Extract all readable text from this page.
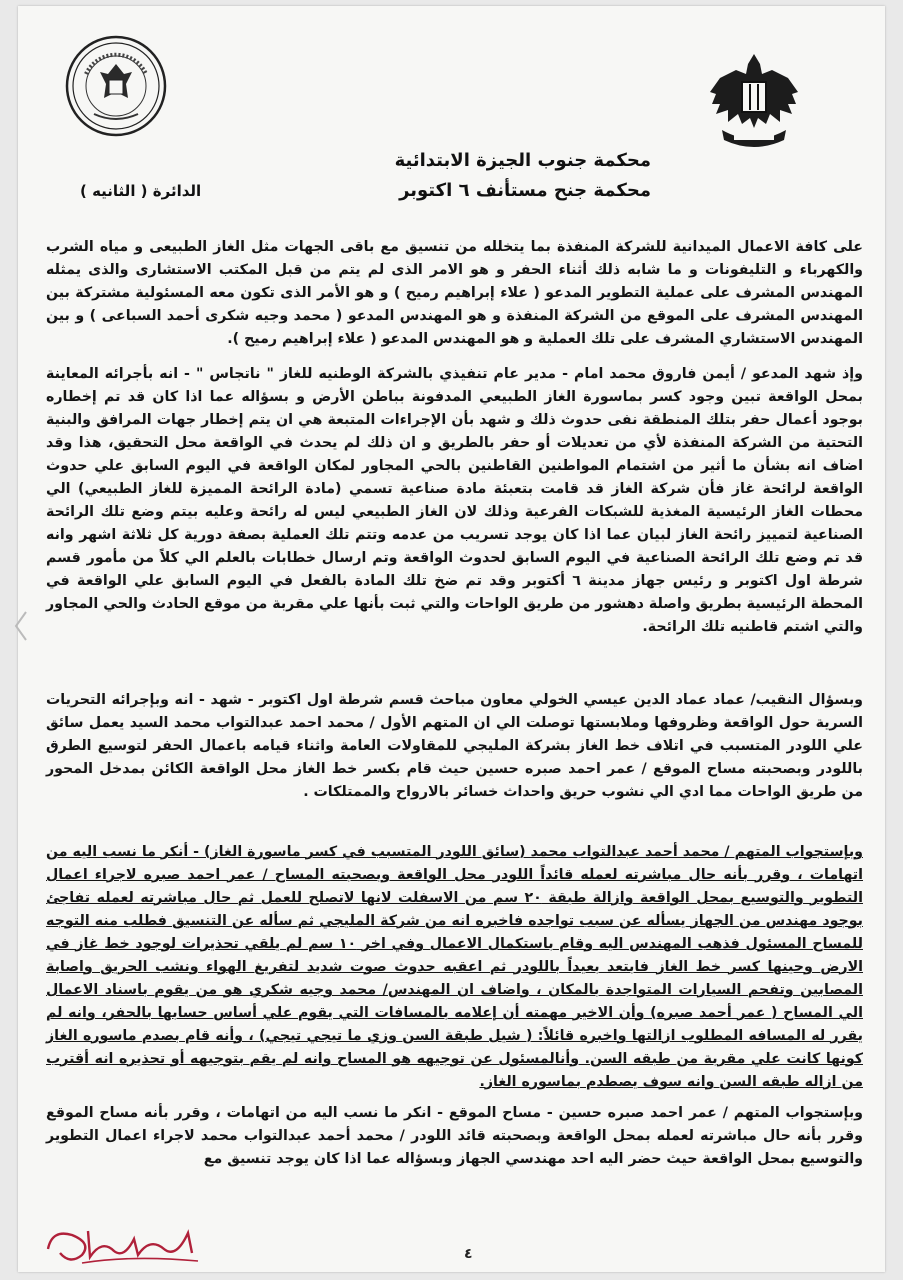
محكمة جنوب الجيزة الابتدائية
محكمة جنح مستأنف ٦ اكتوبر
الدائرة ( الثانيه )
على كافة الاعمال الميدانية للشركة المنفذة بما يتخلله من تنسيق مع باقى الجهات مثل الغاز الطبيعى و مياه الشرب والكهرباء و التليفونات و ما شابه ذلك أثناء الحفر و هو الامر الذى لم يتم من قبل المكتب الاستشارى والذى يمثله المهندس المشرف على عملية التطوير المدعو ( علاء إبراهيم رميح ) و هو الأمر الذى تكون معه المسئولية مشتركة بين المهندس المشرف على الموقع من الشركة المنفذة و هو المهندس المدعو ( محمد وجيه شكرى أحمد السباعى ) و بين المهندس الاستشاري المشرف على تلك العملية و هو المهندس المدعو ( علاء إبراهيم رميح ).
وإذ شهد المدعو / أيمن فاروق محمد امام - مدير عام تنفيذي بالشركة الوطنيه للغاز " ناتجاس " - انه بأجرائه المعاينة بمحل الواقعة تبين وجود كسر بماسورة الغاز الطبيعي المدفونة بباطن الأرض و بسؤاله عما اذا كان قد تم إخطاره بوجود أعمال حفر بتلك المنطقة نفى حدوث ذلك و شهد بأن الإجراءات المتبعة هي ان يتم إخطار جهات المرافق والبنية التحتية من الشركة المنفذة لأي من تعديلات أو حفر بالطريق و ان ذلك لم يحدث في الواقعة محل التحقيق، هذا وقد اضاف انه بشأن ما أثير من اشتمام المواطنين القاطنين بالحي المجاور لمكان الواقعة في اليوم السابق علي حدوث الواقعة لرائحة غاز فأن شركة الغاز قد قامت بتعبئة مادة صناعية تسمي (مادة الرائحة المميزة للغاز الطبيعي) الي محطات الغاز الرئيسية المغذية للشبكات الفرعية وذلك لان الغاز الطبيعي ليس له رائحة وعليه بيتم وضع تلك الرائحة الصناعية لتمييز رائحة الغاز لبيان عما اذا كان يوجد تسريب من عدمه وتتم تلك العملية بصفة دورية كل ثلاثة اشهر وانه قد تم وضع تلك الرائحة الصناعية في اليوم السابق لحدوث الواقعة وتم ارسال خطابات بالعلم الي كلاً من مأمور قسم شرطة اول اكتوبر و رئيس جهاز مدينة ٦ أكتوبر وقد تم ضخ تلك المادة بالفعل في اليوم السابق علي الواقعة في المحطة الرئيسية بطريق واصلة دهشور من طريق الواحات والتي ثبت بأنها علي مقربة من موقع الحادث والحي المجاور والتي اشتم قاطنيه تلك الرائحة.
وبسؤال النقيب/ عماد عماد الدين عيسي الخولي معاون مباحث قسم شرطة اول اكتوبر - شهد - انه وبإجرائه التحريات السرية حول الواقعة وظروفها وملابستها توصلت الي ان المتهم الأول / محمد احمد عبدالتواب محمد السيد يعمل سائق علي اللودر المتسبب في اتلاف خط الغاز بشركة المليجي للمقاولات العامة واثناء قيامه باعمال الحفر لتوسيع الطرق باللودر وبصحبته مساح الموقع / عمر احمد صبره حسين حيث قام بكسر خط الغاز محل الواقعة الكائن بمدخل المحور من طريق الواحات مما ادي الي نشوب حريق واحداث خسائر بالارواح والممتلكات .
وبإستجواب المتهم / محمد أحمد عبدالتواب محمد (سائق اللودر المتسبب في كسر ماسورة الغاز) - أنكر ما نسب اليه من اتهامات ، وقرر بأنه حال مباشرته لعمله قائداً اللودر محل الواقعة وبصحبته المساح / عمر احمد صبره لاجراء اعمال التطوير والتوسيع بمحل الواقعة وازالة طبقة ٢٠ سم من الاسفلت لانها لاتصلح للعمل ثم حال مباشرته لعمله تفاجئ بوجود مهندس من الجهاز يسأله عن سبب تواجده فاخبره انه من شركة المليجي ثم سأله عن التنسيق فطلب منه التوجه للمساح المسئول فذهب المهندس اليه وقام باستكمال الاعمال وفي اخر ١٠ سم لم يلقي تحذيرات لوجود خط غاز في الارض وحينها كسر خط الغاز فابتعد بعيداً باللودر ثم اعقبه حدوث صوت شديد لتفريغ الهواء ونشب الحريق واصابة المصابين وتفحم السيارات المتواجدة بالمكان ، واضاف ان المهندس/ محمد وجيه شكري هو من يقوم باسناد الاعمال الي المساح ( عمر أحمد صبره) وأن الاخير مهمته أن إعلامه بالمسافات التي يقوم علي أساس حسابها بالحفر، وانه لم يقرر له المسافه المطلوب ازالتها واخبره قائلاً: ( شيل طبقة السن وزي ما تيجي تيجي) ، وأنه قام بصدم ماسوره الغاز كونها كانت علي مقربة من طبقه السن. وأنالمسئول عن توجيهه هو المساح وانه لم يقم بتوجيهه أو تحذيره انه أقترب من ازاله طبقه السن وانه سوف يصطدم بماسوره الغاز.
وبإستجواب المتهم / عمر احمد صبره حسين - مساح الموقع - انكر ما نسب اليه من اتهامات ، وقرر بأنه مساح الموقع وقرر بأنه حال مباشرته لعمله بمحل الواقعة وبصحبته قائد اللودر / محمد أحمد عبدالتواب محمد لاجراء اعمال التطوير والتوسيع بمحل الواقعة حيث حضر اليه احد مهندسي الجهاز وبسؤاله عما اذا كان يوجد تنسيق مع
٤
